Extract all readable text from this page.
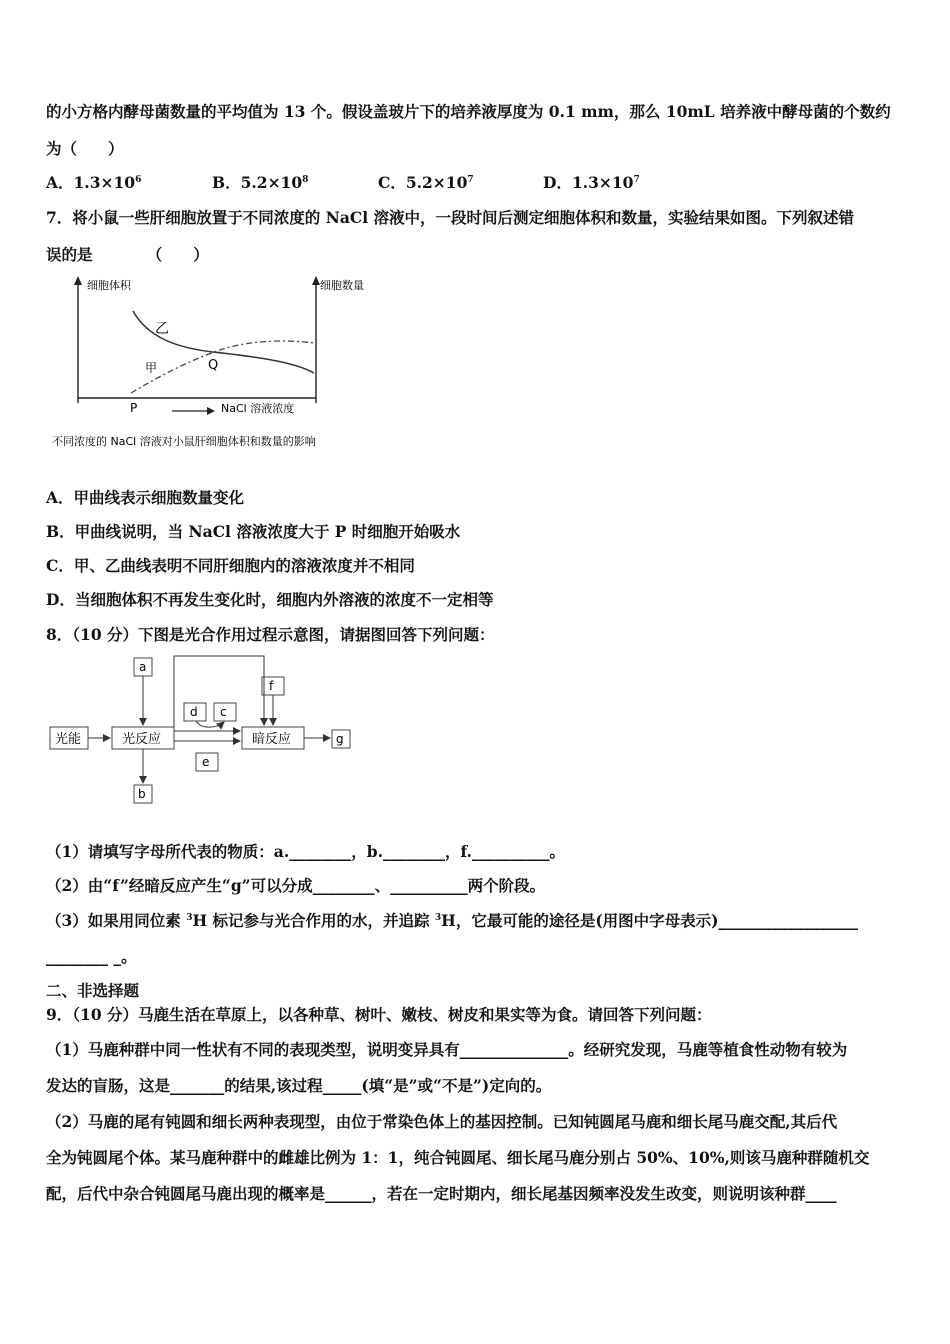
的小方格内酵母菌数量的平均值为 13 个。假设盖玻片下的培养液厚度为 0.1 mm，那么 10mL 培养液中酵母菌的个数约
为（　　）
A．$1.3\times 10^6$	B．$5.2\times 10^8$	C．$5.2\times 10^7$	D．$1.3\times 10^7$
7．将小鼠一些肝细胞放置于不同浓度的 NaCl 溶液中，一段时间后测定细胞体积和数量，实验结果如图。下列叙述错
误的是　　　　（　　）
细胞体积	细胞数量
乙
甲	Q
P	NaCl 溶液浓度
不同浓度的 NaCl 溶液对小鼠肝细胞体积和数量的影响
A．甲曲线表示细胞数量变化
B．甲曲线说明，当 NaCl 溶液浓度大于 P 时细胞开始吸水
C．甲、乙曲线表明不同肝细胞内的溶液浓度并不相同
D．当细胞体积不再发生变化时，细胞内外溶液的浓度不一定相等
8．（10 分）下图是光合作用过程示意图，请据图回答下列问题：
光能	光反应	暗反应
a
b
d c
e
f
g
（1）请填写字母所代表的物质：a.________，b.________，f.__________。
（2）由“f”经暗反应产生“g”可以分成________、__________两个阶段。
（3）如果用同位素 $^3$H 标记参与光合作用的水，并追踪 $^3$H，它最可能的途径是(用图中字母表示)__________________
________ _。
二、非选择题
9．（10 分）马鹿生活在草原上，以各种草、树叶、嫩枝、树皮和果实等为食。请回答下列问题：
（1）马鹿种群中同一性状有不同的表现类型，说明变异具有______________。经研究发现，马鹿等植食性动物有较为
发达的盲肠，这是_______的结果,该过程_____(填“是”或“不是”)定向的。
（2）马鹿的尾有钝圆和细长两种表现型，由位于常染色体上的基因控制。已知钝圆尾马鹿和细长尾马鹿交配,其后代
全为钝圆尾个体。某马鹿种群中的雌雄比例为 1：1，纯合钝圆尾、细长尾马鹿分别占 50%、10%,则该马鹿种群随机交
配，后代中杂合钝圆尾马鹿出现的概率是______，若在一定时期内，细长尾基因频率没发生改变，则说明该种群____
